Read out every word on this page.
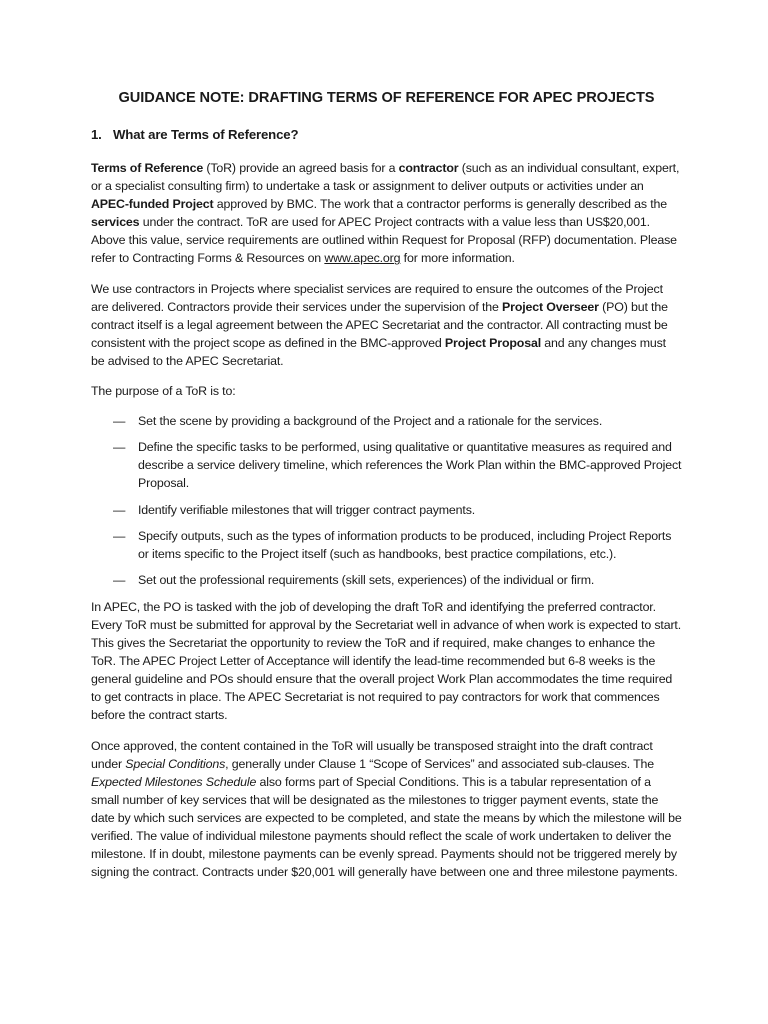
GUIDANCE NOTE: DRAFTING TERMS OF REFERENCE FOR APEC PROJECTS
1. What are Terms of Reference?

Terms of Reference (ToR) provide an agreed basis for a contractor (such as an individual consultant, expert, or a specialist consulting firm) to undertake a task or assignment to deliver outputs or activities under an APEC-funded Project approved by BMC. The work that a contractor performs is generally described as the services under the contract. ToR are used for APEC Project contracts with a value less than US$20,001. Above this value, service requirements are outlined within Request for Proposal (RFP) documentation. Please refer to Contracting Forms & Resources on www.apec.org for more information.

We use contractors in Projects where specialist services are required to ensure the outcomes of the Project are delivered. Contractors provide their services under the supervision of the Project Overseer (PO) but the contract itself is a legal agreement between the APEC Secretariat and the contractor. All contracting must be consistent with the project scope as defined in the BMC-approved Project Proposal and any changes must be advised to the APEC Secretariat.

The purpose of a ToR is to:

— Set the scene by providing a background of the Project and a rationale for the services.
— Define the specific tasks to be performed, using qualitative or quantitative measures as required and describe a service delivery timeline, which references the Work Plan within the BMC-approved Project Proposal.
— Identify verifiable milestones that will trigger contract payments.
— Specify outputs, such as the types of information products to be produced, including Project Reports or items specific to the Project itself (such as handbooks, best practice compilations, etc.).
— Set out the professional requirements (skill sets, experiences) of the individual or firm.

In APEC, the PO is tasked with the job of developing the draft ToR and identifying the preferred contractor. Every ToR must be submitted for approval by the Secretariat well in advance of when work is expected to start. This gives the Secretariat the opportunity to review the ToR and if required, make changes to enhance the ToR. The APEC Project Letter of Acceptance will identify the lead-time recommended but 6-8 weeks is the general guideline and POs should ensure that the overall project Work Plan accommodates the time required to get contracts in place. The APEC Secretariat is not required to pay contractors for work that commences before the contract starts.

Once approved, the content contained in the ToR will usually be transposed straight into the draft contract under Special Conditions, generally under Clause 1 “Scope of Services” and associated sub-clauses. The Expected Milestones Schedule also forms part of Special Conditions. This is a tabular representation of a small number of key services that will be designated as the milestones to trigger payment events, state the date by which such services are expected to be completed, and state the means by which the milestone will be verified. The value of individual milestone payments should reflect the scale of work undertaken to deliver the milestone. If in doubt, milestone payments can be evenly spread. Payments should not be triggered merely by signing the contract. Contracts under $20,001 will generally have between one and three milestone payments.
